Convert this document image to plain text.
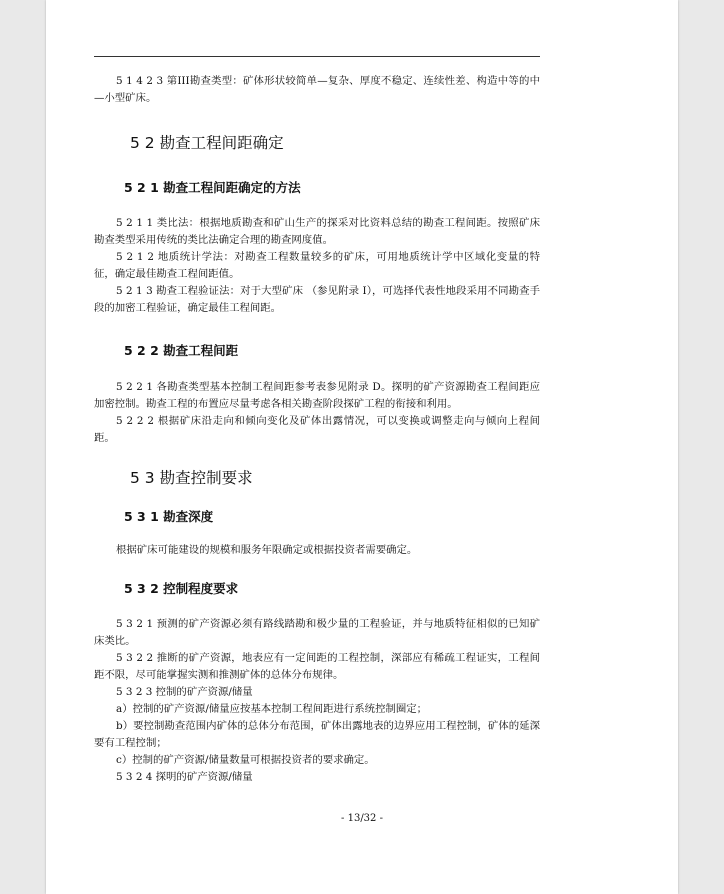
5 1 4 2 3 第III勘查类型：矿体形状较简单—复杂、厚度不稳定、连续性差、构造中等的中—小型矿床。

5 2 勘查工程间距确定
5 2 1 勘查工程间距确定的方法

5 2 1 1 类比法：根据地质勘查和矿山生产的探采对比资料总结的勘查工程间距。按照矿床勘查类型采用传统的类比法确定合理的勘查网度值。

5 2 1 2 地质统计学法：对勘查工程数量较多的矿床，可用地质统计学中区域化变量的特征，确定最佳勘查工程间距值。

5 2 1 3 勘查工程验证法：对于大型矿床 （参见附录 I），可选择代表性地段采用不同勘查手段的加密工程验证，确定最佳工程间距。

5 2 2 勘查工程间距

5 2 2 1 各勘查类型基本控制工程间距参考表参见附录 D。探明的矿产资源勘查工程间距应加密控制。勘查工程的布置应尽量考虑各相关勘查阶段探矿工程的衔接和利用。

5 2 2 2 根据矿床沿走向和倾向变化及矿体出露情况，可以变换或调整走向与倾向上程间距。

5 3 勘查控制要求
5 3 1 勘查深度

根据矿床可能建设的规模和服务年限确定或根据投资者需要确定。

5 3 2 控制程度要求

5 3 2 1 预测的矿产资源必须有路线踏勘和极少量的工程验证，并与地质特征相似的已知矿床类比。

5 3 2 2 推断的矿产资源，地表应有一定间距的工程控制，深部应有稀疏工程证实，工程间距不限，尽可能掌握实测和推测矿体的总体分布规律。

5 3 2 3 控制的矿产资源/储量

a）控制的矿产资源/储量应按基本控制工程间距进行系统控制圈定；

b）要控制勘查范围内矿体的总体分布范围，矿体出露地表的边界应用工程控制，矿体的延深要有工程控制；

c）控制的矿产资源/储量数量可根据投资者的要求确定。

5 3 2 4 探明的矿产资源/储量

- 13/32 -
